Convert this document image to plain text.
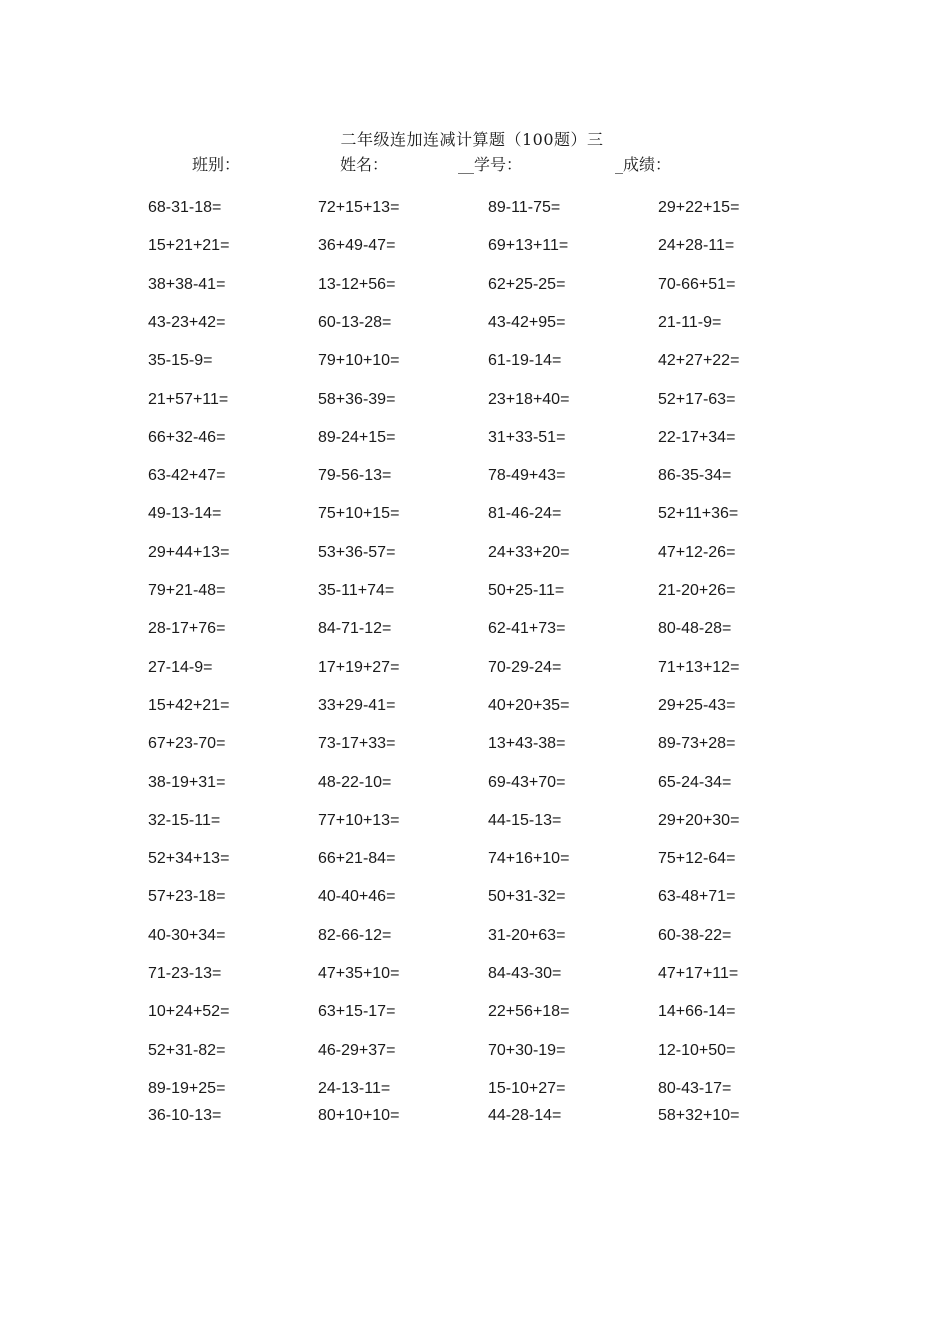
二年级连加连减计算题（100题）三
班别：	姓名：	__学号：	_成绩：
68-31-18=	72+15+13=	89-11-75=	29+22+15=
15+21+21=	36+49-47=	69+13+11=	24+28-11=
38+38-41=	13-12+56=	62+25-25=	70-66+51=
43-23+42=	60-13-28=	43-42+95=	21-11-9=
35-15-9=	79+10+10=	61-19-14=	42+27+22=
21+57+11=	58+36-39=	23+18+40=	52+17-63=
66+32-46=	89-24+15=	31+33-51=	22-17+34=
63-42+47=	79-56-13=	78-49+43=	86-35-34=
49-13-14=	75+10+15=	81-46-24=	52+11+36=
29+44+13=	53+36-57=	24+33+20=	47+12-26=
79+21-48=	35-11+74=	50+25-11=	21-20+26=
28-17+76=	84-71-12=	62-41+73=	80-48-28=
27-14-9=	17+19+27=	70-29-24=	71+13+12=
15+42+21=	33+29-41=	40+20+35=	29+25-43=
67+23-70=	73-17+33=	13+43-38=	89-73+28=
38-19+31=	48-22-10=	69-43+70=	65-24-34=
32-15-11=	77+10+13=	44-15-13=	29+20+30=
52+34+13=	66+21-84=	74+16+10=	75+12-64=
57+23-18=	40-40+46=	50+31-32=	63-48+71=
40-30+34=	82-66-12=	31-20+63=	60-38-22=
71-23-13=	47+35+10=	84-43-30=	47+17+11=
10+24+52=	63+15-17=	22+56+18=	14+66-14=
52+31-82=	46-29+37=	70+30-19=	12-10+50=
89-19+25=	24-13-11=	15-10+27=	80-43-17=
36-10-13=	80+10+10=	44-28-14=	58+32+10=
